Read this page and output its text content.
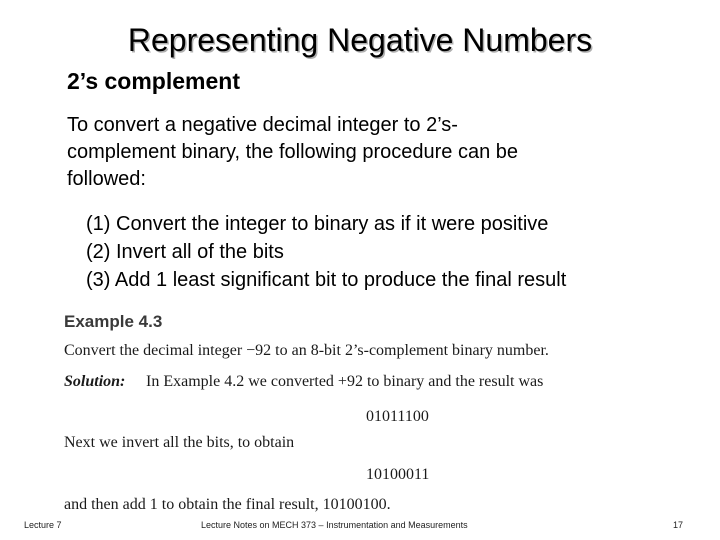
Representing Negative Numbers
2’s complement
To convert a negative decimal integer to 2’s-
complement binary, the following procedure can be
followed:
(1) Convert the integer to binary as if it were positive
(2) Invert all of the bits
(3) Add 1 least significant bit to produce the final result
Example 4.3
Convert the decimal integer −92 to an 8-bit 2’s-complement binary number.
Solution: In Example 4.2 we converted +92 to binary and the result was
01011100
Next we invert all the bits, to obtain
10100011
and then add 1 to obtain the final result, 10100100.
Lecture 7	Lecture Notes on MECH 373 – Instrumentation and Measurements	17
